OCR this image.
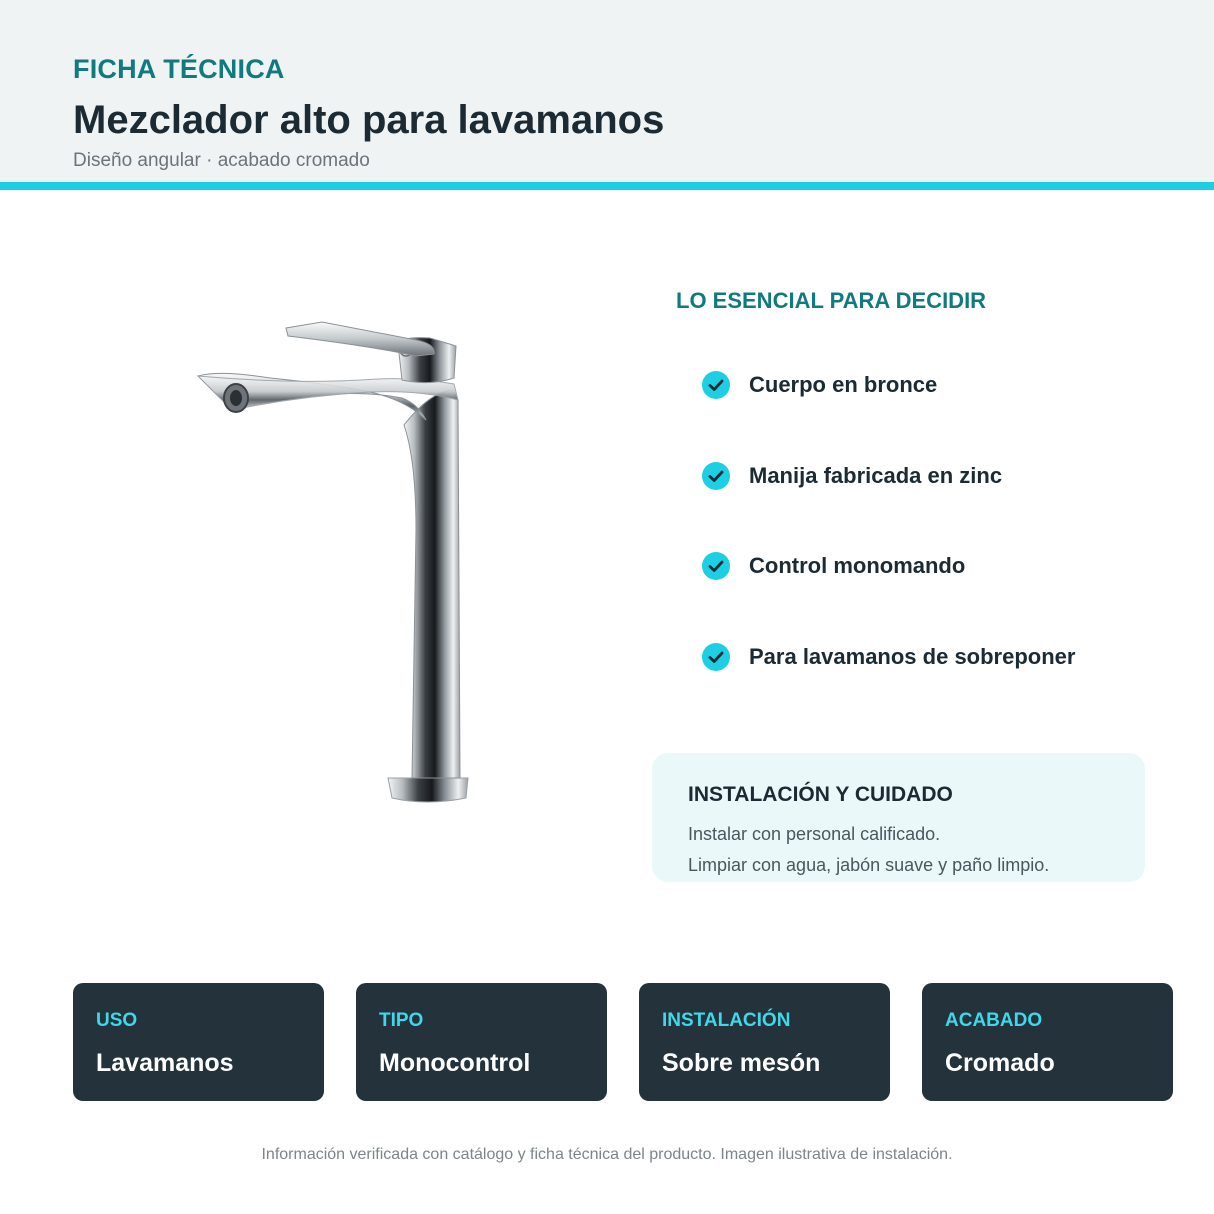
FICHA TÉCNICA
Mezclador alto para lavamanos
Diseño angular · acabado cromado
LO ESENCIAL PARA DECIDIR
Cuerpo en bronce
Manija fabricada en zinc
Control monomando
Para lavamanos de sobreponer
INSTALACIÓN Y CUIDADO
Instalar con personal calificado.
Limpiar con agua, jabón suave y paño limpio.
USO
Lavamanos
TIPO
Monocontrol
INSTALACIÓN
Sobre mesón
ACABADO
Cromado
Información verificada con catálogo y ficha técnica del producto. Imagen ilustrativa de instalación.
